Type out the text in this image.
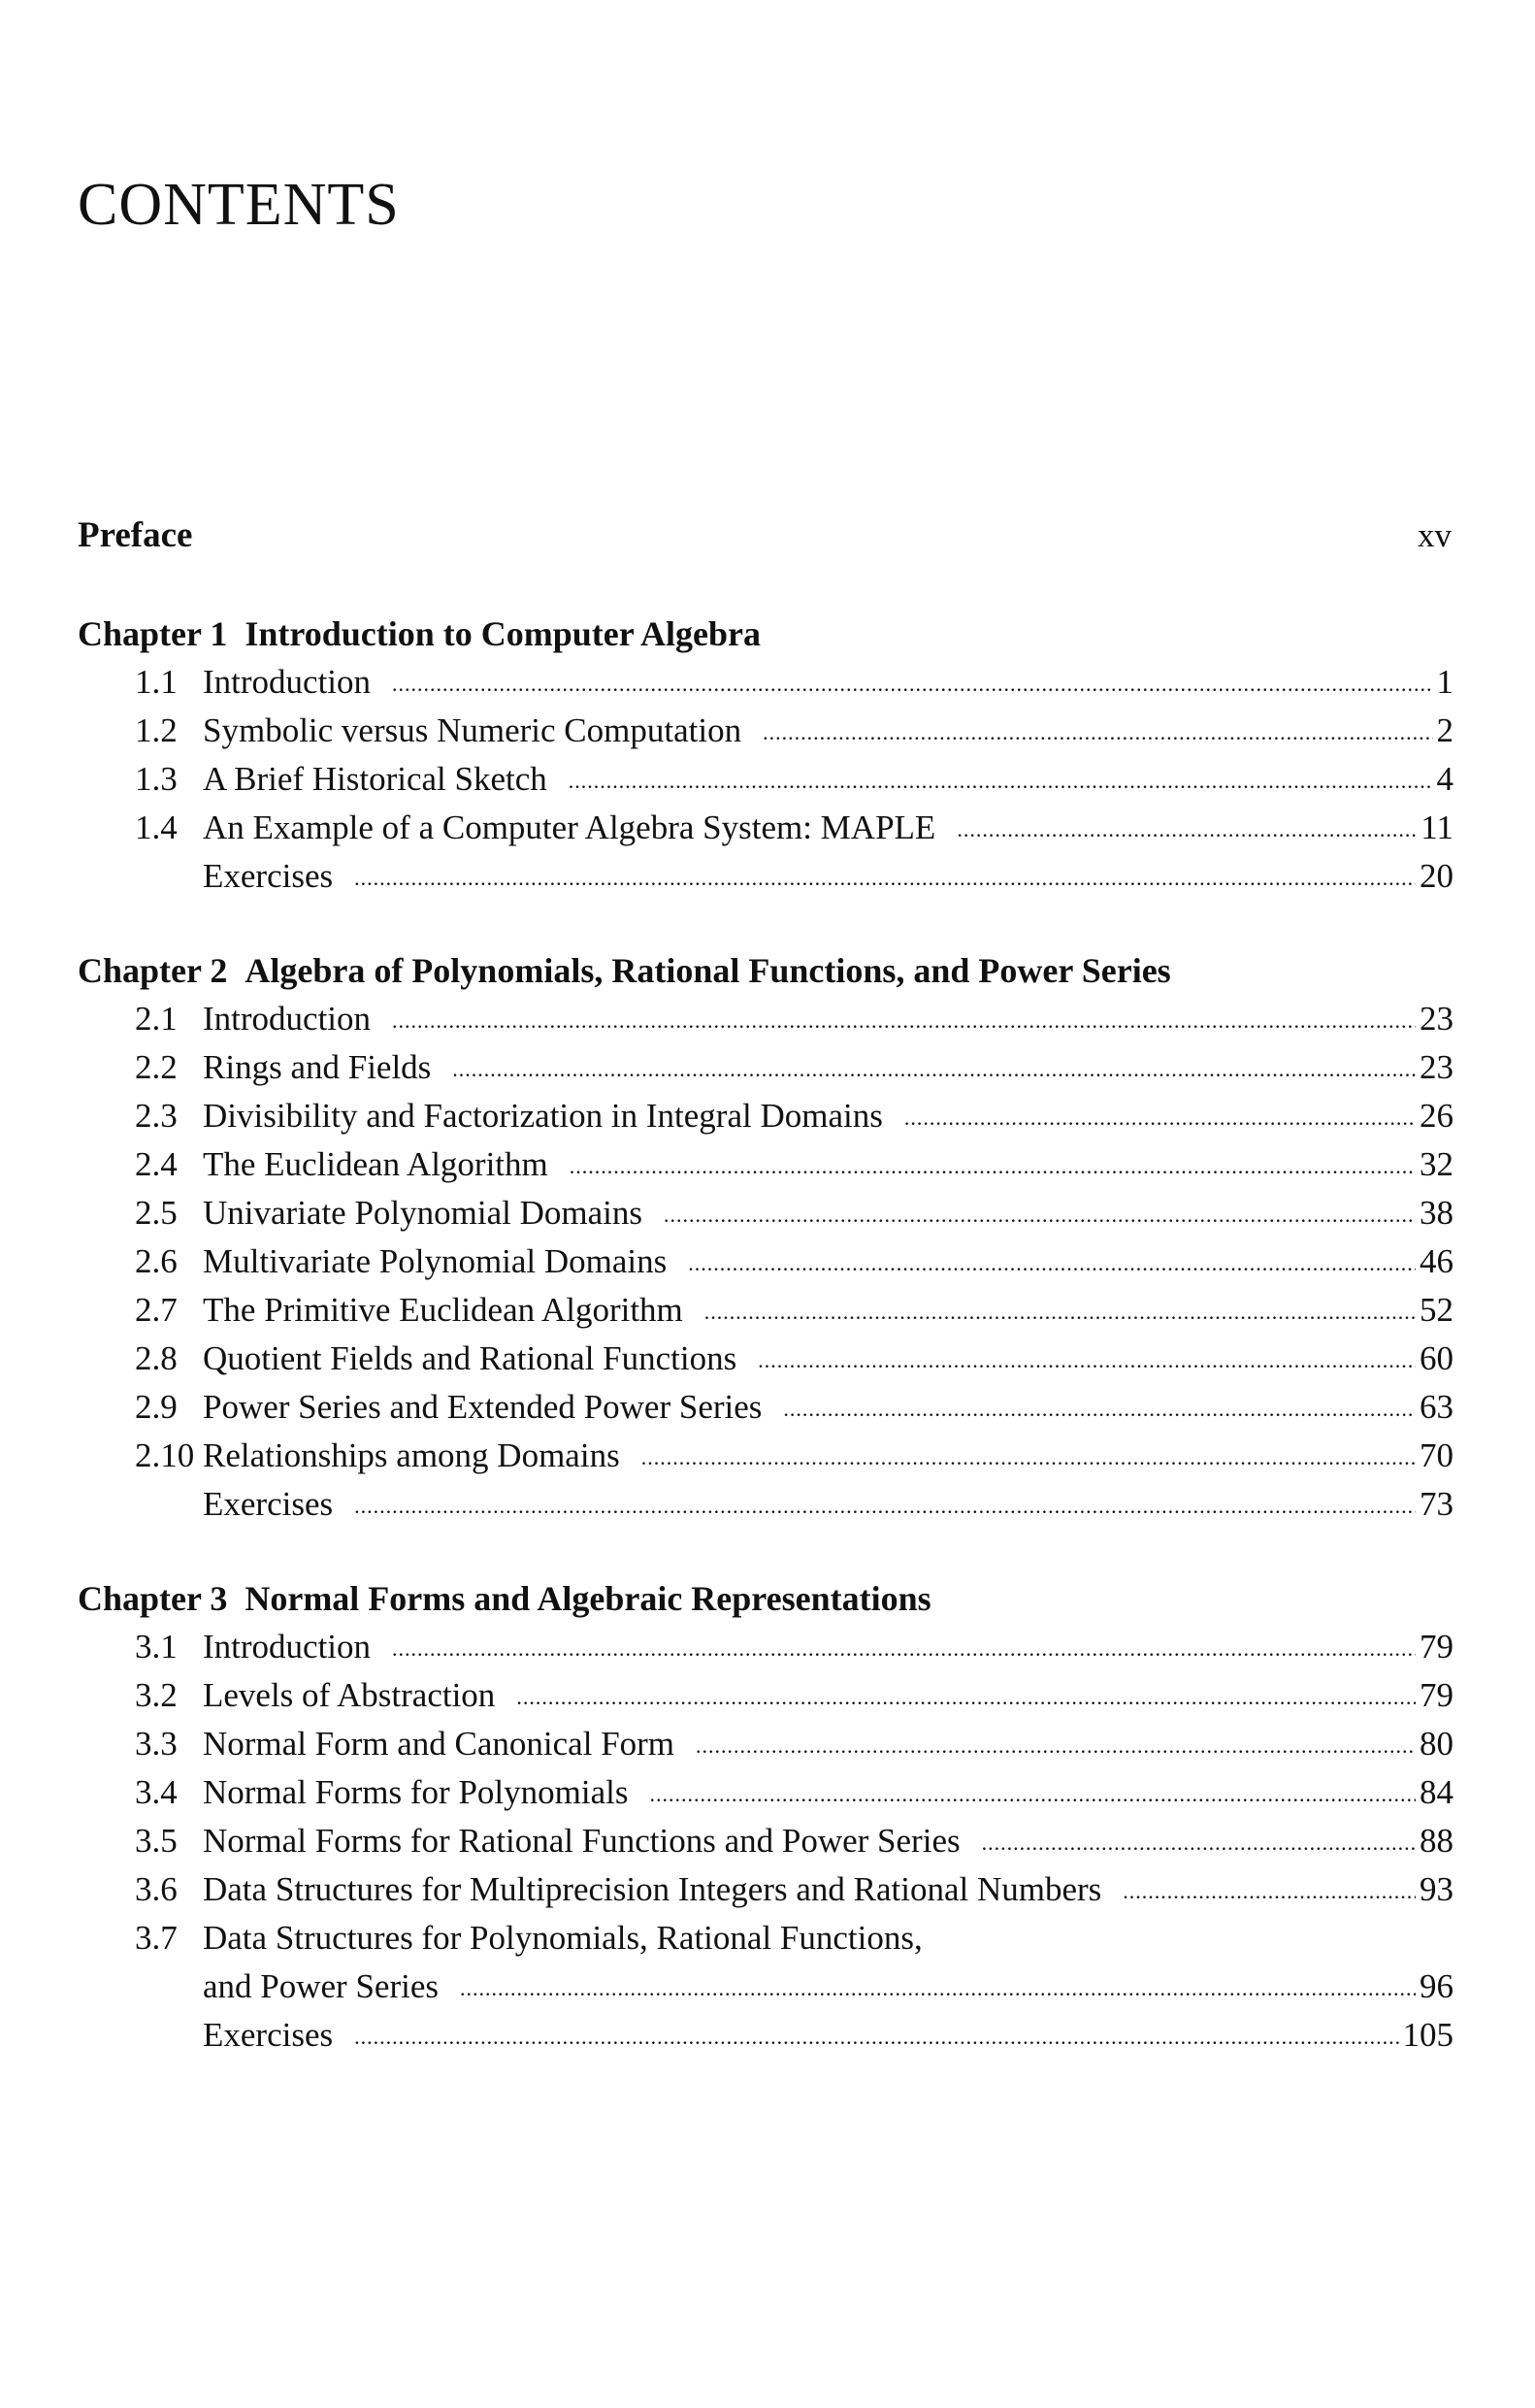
CONTENTS
Preface	xv
Chapter 1 Introduction to Computer Algebra
1.1 Introduction .....	1
1.2 Symbolic versus Numeric Computation .....	2
1.3 A Brief Historical Sketch .....	4
1.4 An Example of a Computer Algebra System: MAPLE .....	11
Exercises .....	20
Chapter 2 Algebra of Polynomials, Rational Functions, and Power Series
2.1 Introduction .....	23
2.2 Rings and Fields .....	23
2.3 Divisibility and Factorization in Integral Domains .....	26
2.4 The Euclidean Algorithm .....	32
2.5 Univariate Polynomial Domains .....	38
2.6 Multivariate Polynomial Domains .....	46
2.7 The Primitive Euclidean Algorithm .....	52
2.8 Quotient Fields and Rational Functions .....	60
2.9 Power Series and Extended Power Series .....	63
2.10 Relationships among Domains .....	70
Exercises .....	73
Chapter 3 Normal Forms and Algebraic Representations
3.1 Introduction .....	79
3.2 Levels of Abstraction .....	79
3.3 Normal Form and Canonical Form .....	80
3.4 Normal Forms for Polynomials .....	84
3.5 Normal Forms for Rational Functions and Power Series .....	88
3.6 Data Structures for Multiprecision Integers and Rational Numbers .....	93
3.7 Data Structures for Polynomials, Rational Functions,
and Power Series .....	96
Exercises .....	105
